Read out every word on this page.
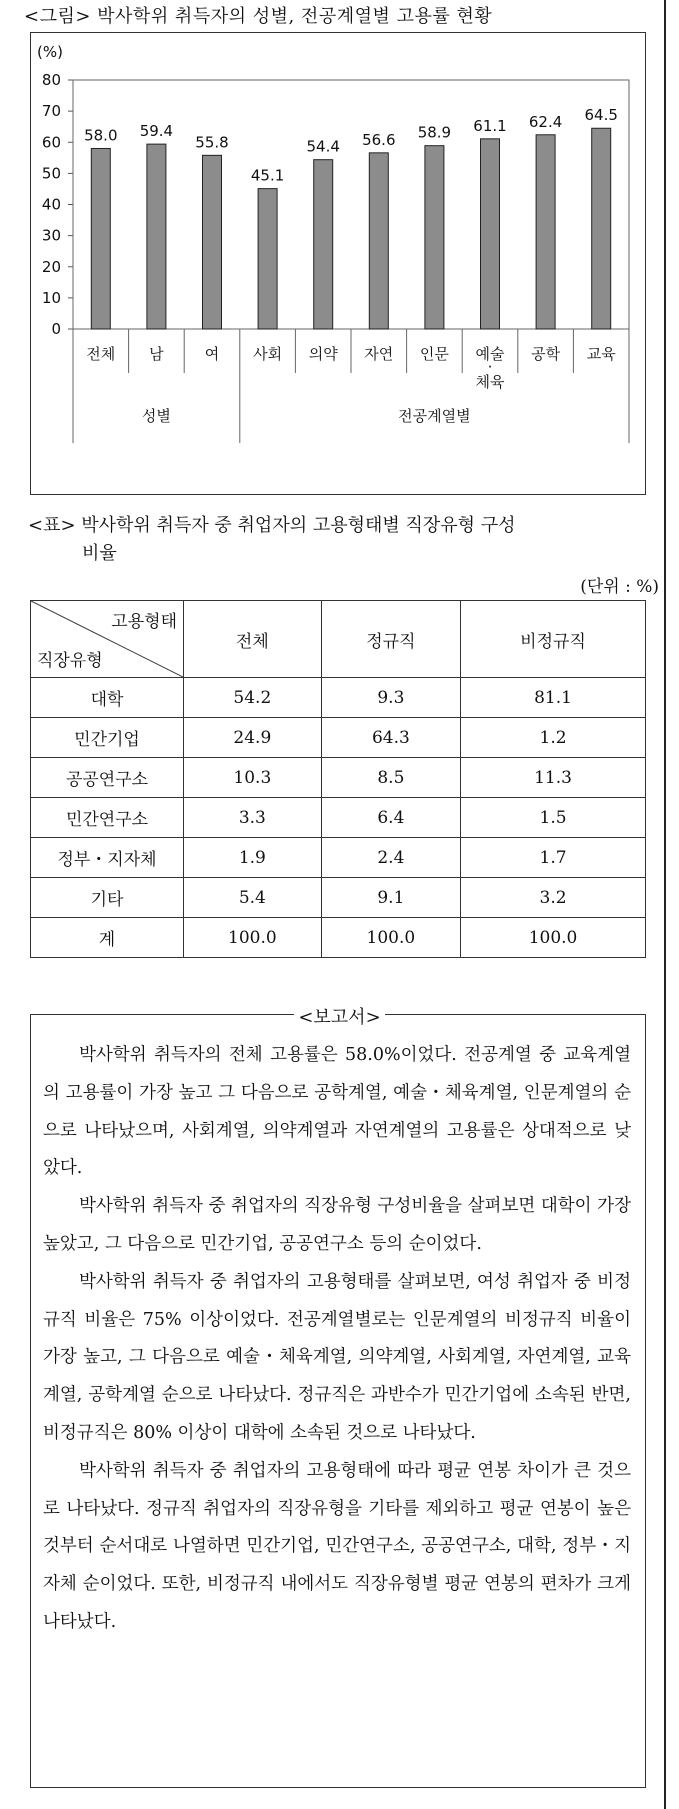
<그림> 박사학위 취득자의 성별, 전공계열별 고용률 현황
(%)
0
10
20
30
40
50
60
70
80
58.0
전체
59.4
남
55.8
여
45.1
사회
54.4
의약
56.6
자연
58.9
인문
61.1
예술
·
체육
62.4
공학
64.5
교육
성별	전공계열별
<표> 박사학위 취득자 중 취업자의 고용형태별 직장유형 구성
비율
(단위 : %)
고용형태
직장유형	전체	정규직	비정규직
대학	54.2	9.3	81.1
민간기업	24.9	64.3	1.2
공공연구소	10.3	8.5	11.3
민간연구소	3.3	6.4	1.5
정부・지자체	1.9	2.4	1.7
기타	5.4	9.1	3.2
계	100.0	100.0	100.0

박사학위 취득자의 전체 고용률은 58.0%이었다. 전공계열 중 교육계열의 고용률이 가장 높고 그 다음으로 공학계열, 예술・체육계열, 인문계열의 순으로 나타났으며, 사회계열, 의약계열과 자연계열의 고용률은 상대적으로 낮았다.

박사학위 취득자 중 취업자의 직장유형 구성비율을 살펴보면 대학이 가장 높았고, 그 다음으로 민간기업, 공공연구소 등의 순이었다.

박사학위 취득자 중 취업자의 고용형태를 살펴보면, 여성 취업자 중 비정규직 비율은 75% 이상이었다. 전공계열별로는 인문계열의 비정규직 비율이 가장 높고, 그 다음으로 예술・체육계열, 의약계열, 사회계열, 자연계열, 교육계열, 공학계열 순으로 나타났다. 정규직은 과반수가 민간기업에 소속된 반면, 비정규직은 80% 이상이 대학에 소속된 것으로 나타났다.

박사학위 취득자 중 취업자의 고용형태에 따라 평균 연봉 차이가 큰 것으로 나타났다. 정규직 취업자의 직장유형을 기타를 제외하고 평균 연봉이 높은 것부터 순서대로 나열하면 민간기업, 민간연구소, 공공연구소, 대학, 정부・지자체 순이었다. 또한, 비정규직 내에서도 직장유형별 평균 연봉의 편차가 크게 나타났다.

<보고서>
